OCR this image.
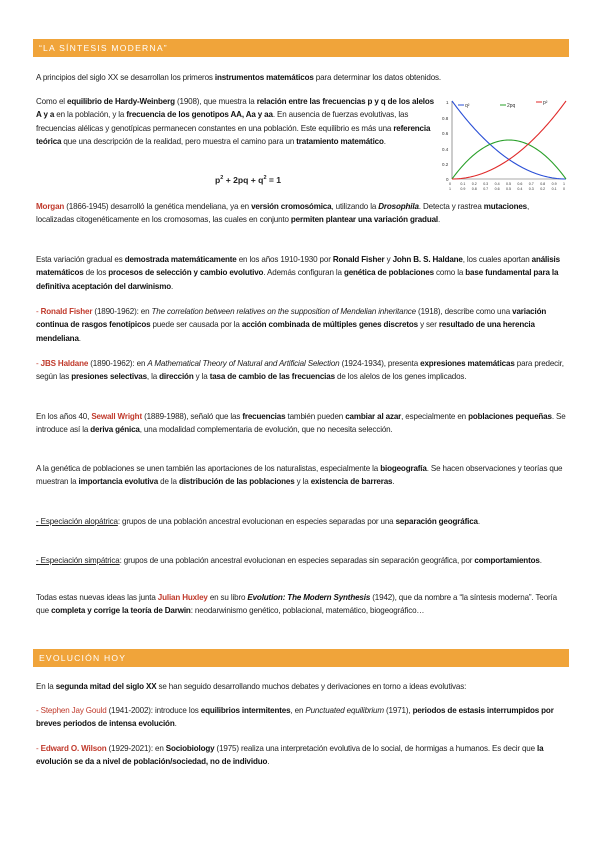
“LA SÍNTESIS MODERNA”

A principios del siglo XX se desarrollan los primeros instrumentos matemáticos para determinar los datos obtenidos.

Como el equilibrio de Hardy-Weinberg (1908), que muestra la relación entre las frecuencias p y q de los alelos A y a en la población, y la frecuencia de los genotipos AA, Aa y aa. En ausencia de fuerzas evolutivas, las frecuencias alélicas y genotípicas permanecen constantes en una población. Este equilibrio es más una referencia teórica que una descripción de la realidad, pero muestra el camino para un tratamiento matemático.

$p^2 + 2pq + q^2 = 1$
1
0.8
0.6
0.4
0.2
0
0	0.1 0.2 0.3 0.4 0.5 0.6 0.7 0.8 0.9 1
1	0.9 0.8 0.7 0.6 0.5 0.4 0.3 0.2 0.1 0
q²	2pq	p²

Morgan (1866-1945) desarrolló la genética mendeliana, ya en versión cromosómica, utilizando la Drosophila. Detecta y rastrea mutaciones, localizadas citogenéticamente en los cromosomas, las cuales en conjunto permiten plantear una variación gradual.

Esta variación gradual es demostrada matemáticamente en los años 1910-1930 por Ronald Fisher y John B. S. Haldane, los cuales aportan análisis matemáticos de los procesos de selección y cambio evolutivo. Además configuran la genética de poblaciones como la base fundamental para la definitiva aceptación del darwinismo.

- Ronald Fisher (1890-1962): en The correlation between relatives on the supposition of Mendelian inheritance (1918), describe como una variación continua de rasgos fenotípicos puede ser causada por la acción combinada de múltiples genes discretos y ser resultado de una herencia mendeliana.

- JBS Haldane (1890-1962): en A Mathematical Theory of Natural and Artificial Selection (1924-1934), presenta expresiones matemáticas para predecir, según las presiones selectivas, la dirección y la tasa de cambio de las frecuencias de los alelos de los genes implicados.

En los años 40, Sewall Wright (1889-1988), señaló que las frecuencias también pueden cambiar al azar, especialmente en poblaciones pequeñas. Se introduce así la deriva génica, una modalidad complementaria de evolución, que no necesita selección.

A la genética de poblaciones se unen también las aportaciones de los naturalistas, especialmente la biogeografía. Se hacen observaciones y teorías que muestran la importancia evolutiva de la distribución de las poblaciones y la existencia de barreras.

- Especiación alopátrica: grupos de una población ancestral evolucionan en especies separadas por una separación geográfica.

- Especiación simpátrica: grupos de una población ancestral evolucionan en especies separadas sin separación geográfica, por comportamientos.

Todas estas nuevas ideas las junta Julian Huxley en su libro Evolution: The Modern Synthesis (1942), que da nombre a “la síntesis moderna”. Teoría que completa y corrige la teoría de Darwin: neodarwinismo genético, poblacional, matemático, biogeográfico…

EVOLUCIÓN HOY

En la segunda mitad del siglo XX se han seguido desarrollando muchos debates y derivaciones en torno a ideas evolutivas:

- Stephen Jay Gould (1941-2002): introduce los equilibrios intermitentes, en Punctuated equilibrium (1971), periodos de estasis interrumpidos por breves periodos de intensa evolución.

- Edward O. Wilson (1929-2021): en Sociobiology (1975) realiza una interpretación evolutiva de lo social, de hormigas a humanos. Es decir que la evolución se da a nivel de población/sociedad, no de individuo.
